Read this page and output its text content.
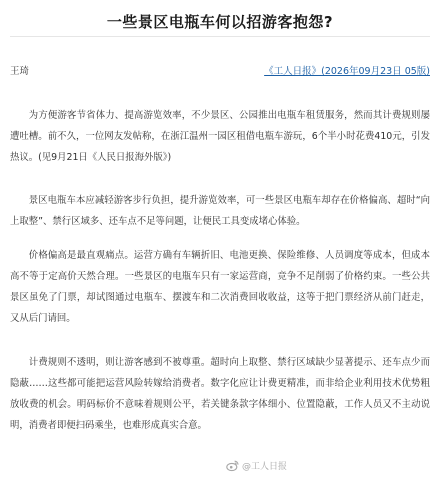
一些景区电瓶车何以招游客抱怨?
王琦	《工人日报》(2026年09月23日 05版)

为方便游客节省体力、提高游览效率，不少景区、公园推出电瓶车租赁服务，然而其计费规则屡遭吐槽。前不久，一位网友发帖称，在浙江温州一园区租借电瓶车游玩，6个半小时花费410元，引发热议。(见9月21日《人民日报海外版》)

景区电瓶车本应减轻游客步行负担，提升游览效率，可一些景区电瓶车却存在价格偏高、超时“向上取整”、禁行区域多、还车点不足等问题，让便民工具变成堵心体验。

价格偏高是最直观痛点。运营方确有车辆折旧、电池更换、保险维修、人员调度等成本，但成本高不等于定高价天然合理。一些景区的电瓶车只有一家运营商，竞争不足削弱了价格约束。一些公共景区虽免了门票，却试图通过电瓶车、摆渡车和二次消费回收收益，这等于把门票经济从前门赶走，又从后门请回。

计费规则不透明，则让游客感到不被尊重。超时向上取整、禁行区域缺少显著提示、还车点少而隐蔽……这些都可能把运营风险转嫁给消费者。数字化应让计费更精准，而非给企业利用技术优势粗放收费的机会。明码标价不意味着规则公平，若关键条款字体细小、位置隐蔽，工作人员又不主动说明，消费者即便扫码乘坐，也难形成真实合意。

@工人日报
